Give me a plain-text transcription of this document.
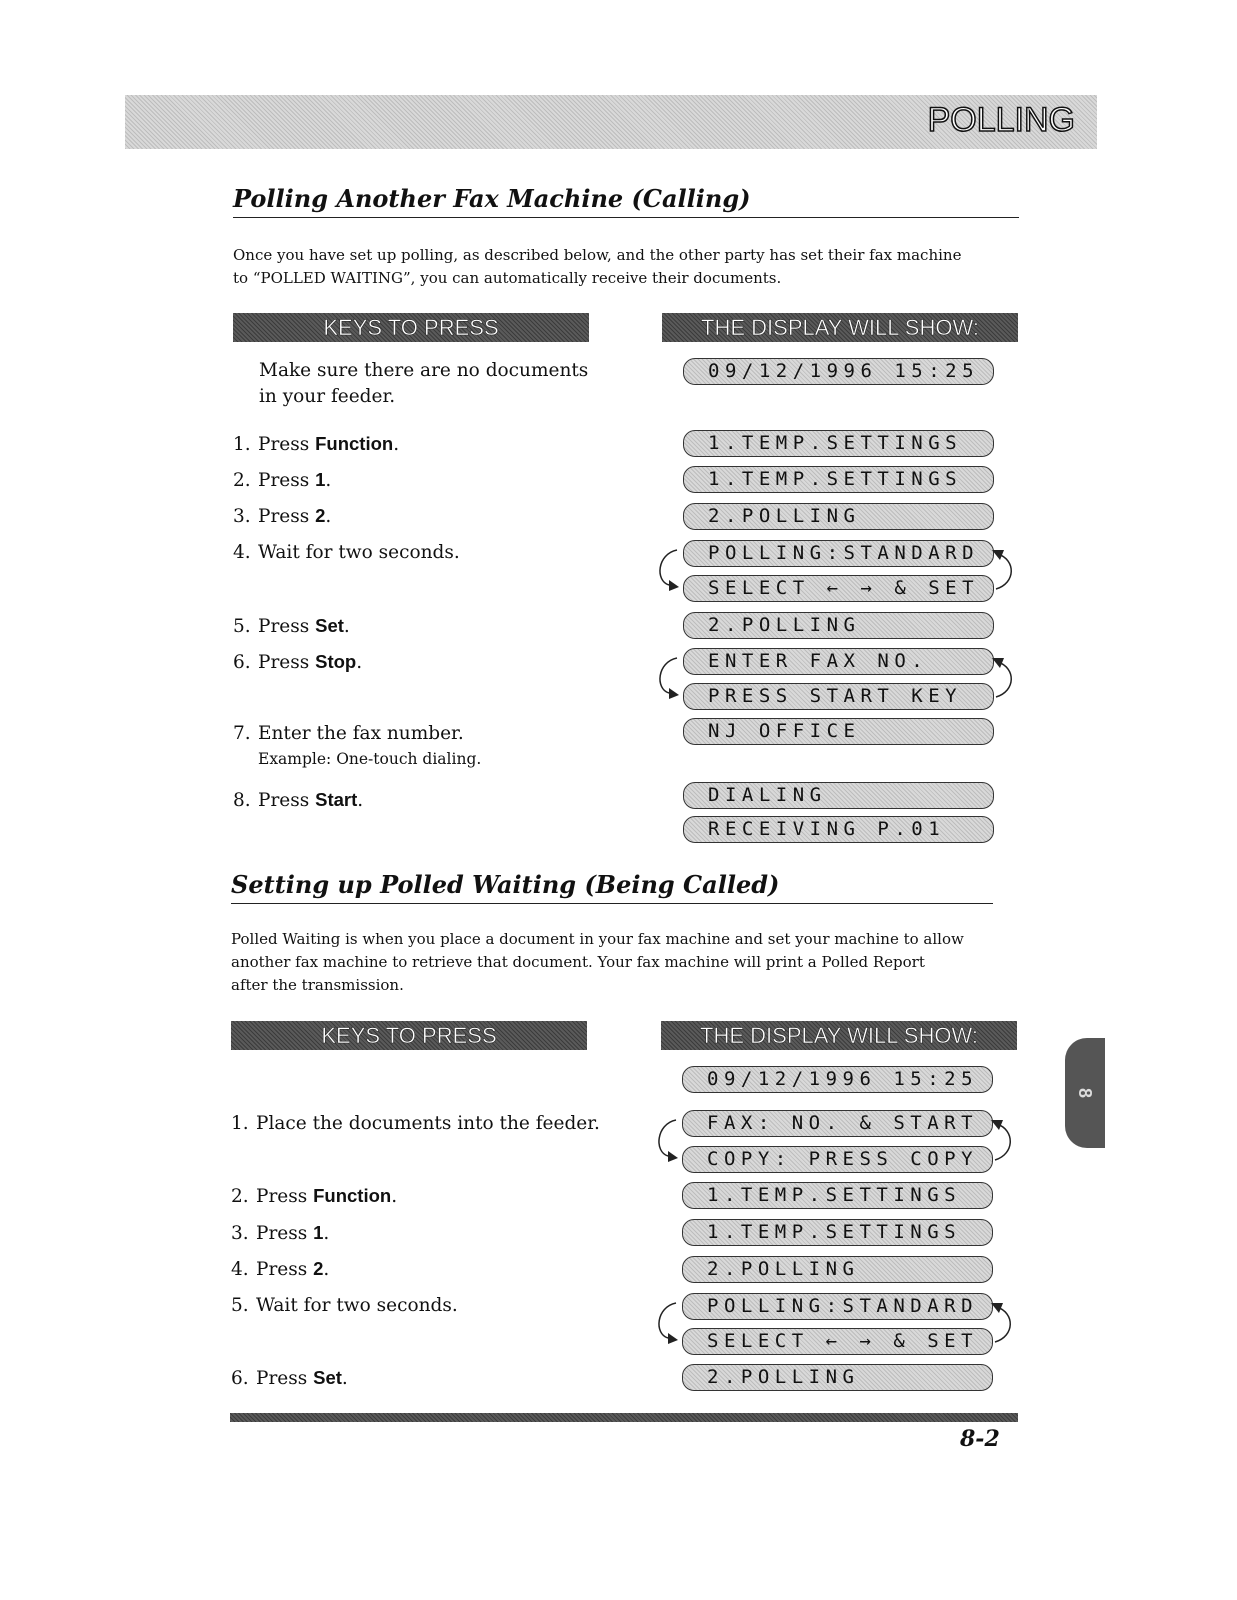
POLLING
Polling Another Fax Machine (Calling)

Once you have set up polling, as described below, and the other party has set their fax machine
to “POLLED WAITING”, you can automatically receive their documents.

KEYS TO PRESS	THE DISPLAY WILL SHOW:
Make sure there are no documents
in your feeder.
1. Press Function.
2. Press 1.
3. Press 2.
4. Wait for two seconds.
5. Press Set.
6. Press Stop.
7. Enter the fax number.
8. Press Start.
Example: One-touch dialing.
09/12/1996 15:25
1.TEMP.SETTINGS
1.TEMP.SETTINGS
2.POLLING
POLLING:STANDARD
SELECT ← → & SET
2.POLLING
ENTER FAX NO.
PRESS START KEY
NJ OFFICE
DIALING
RECEIVING P.01
Setting up Polled Waiting (Being Called)

Polled Waiting is when you place a document in your fax machine and set your machine to allow
another fax machine to retrieve that document. Your fax machine will print a Polled Report
after the transmission.

KEYS TO PRESS	THE DISPLAY WILL SHOW:
1. Place the documents into the feeder.
2. Press Function.
3. Press 1.
4. Press 2.
5. Wait for two seconds.
6. Press Set.
09/12/1996 15:25
FAX: NO. & START
COPY: PRESS COPY
1.TEMP.SETTINGS
1.TEMP.SETTINGS
2.POLLING
POLLING:STANDARD
SELECT ← → & SET
2.POLLING
8-2
8
